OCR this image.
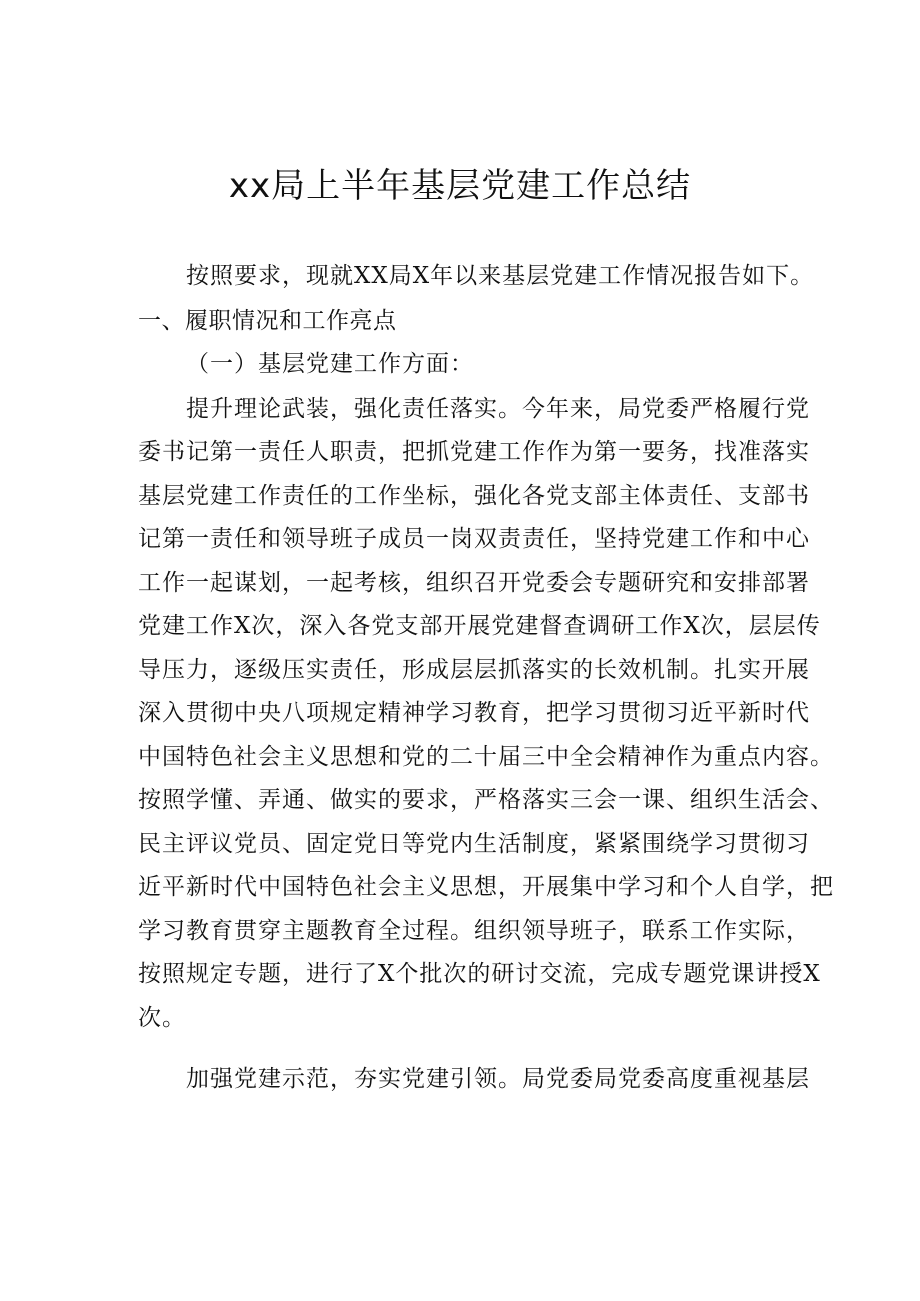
xx局上半年基层党建工作总结
按照要求，现就XX局X年以来基层党建工作情况报告如下。
一、履职情况和工作亮点
（一）基层党建工作方面：
提升理论武装，强化责任落实。今年来，局党委严格履行党
委书记第一责任人职责，把抓党建工作作为第一要务，找准落实
基层党建工作责任的工作坐标，强化各党支部主体责任、支部书
记第一责任和领导班子成员一岗双责责任，坚持党建工作和中心
工作一起谋划，一起考核，组织召开党委会专题研究和安排部署
党建工作X次，深入各党支部开展党建督查调研工作X次，层层传
导压力，逐级压实责任，形成层层抓落实的长效机制。扎实开展
深入贯彻中央八项规定精神学习教育，把学习贯彻习近平新时代
中国特色社会主义思想和党的二十届三中全会精神作为重点内容。
按照学懂、弄通、做实的要求，严格落实三会一课、组织生活会、
民主评议党员、固定党日等党内生活制度，紧紧围绕学习贯彻习
近平新时代中国特色社会主义思想，开展集中学习和个人自学，把
学习教育贯穿主题教育全过程。组织领导班子，联系工作实际，
按照规定专题，进行了X个批次的研讨交流，完成专题党课讲授X
次。
加强党建示范，夯实党建引领。局党委局党委高度重视基层
